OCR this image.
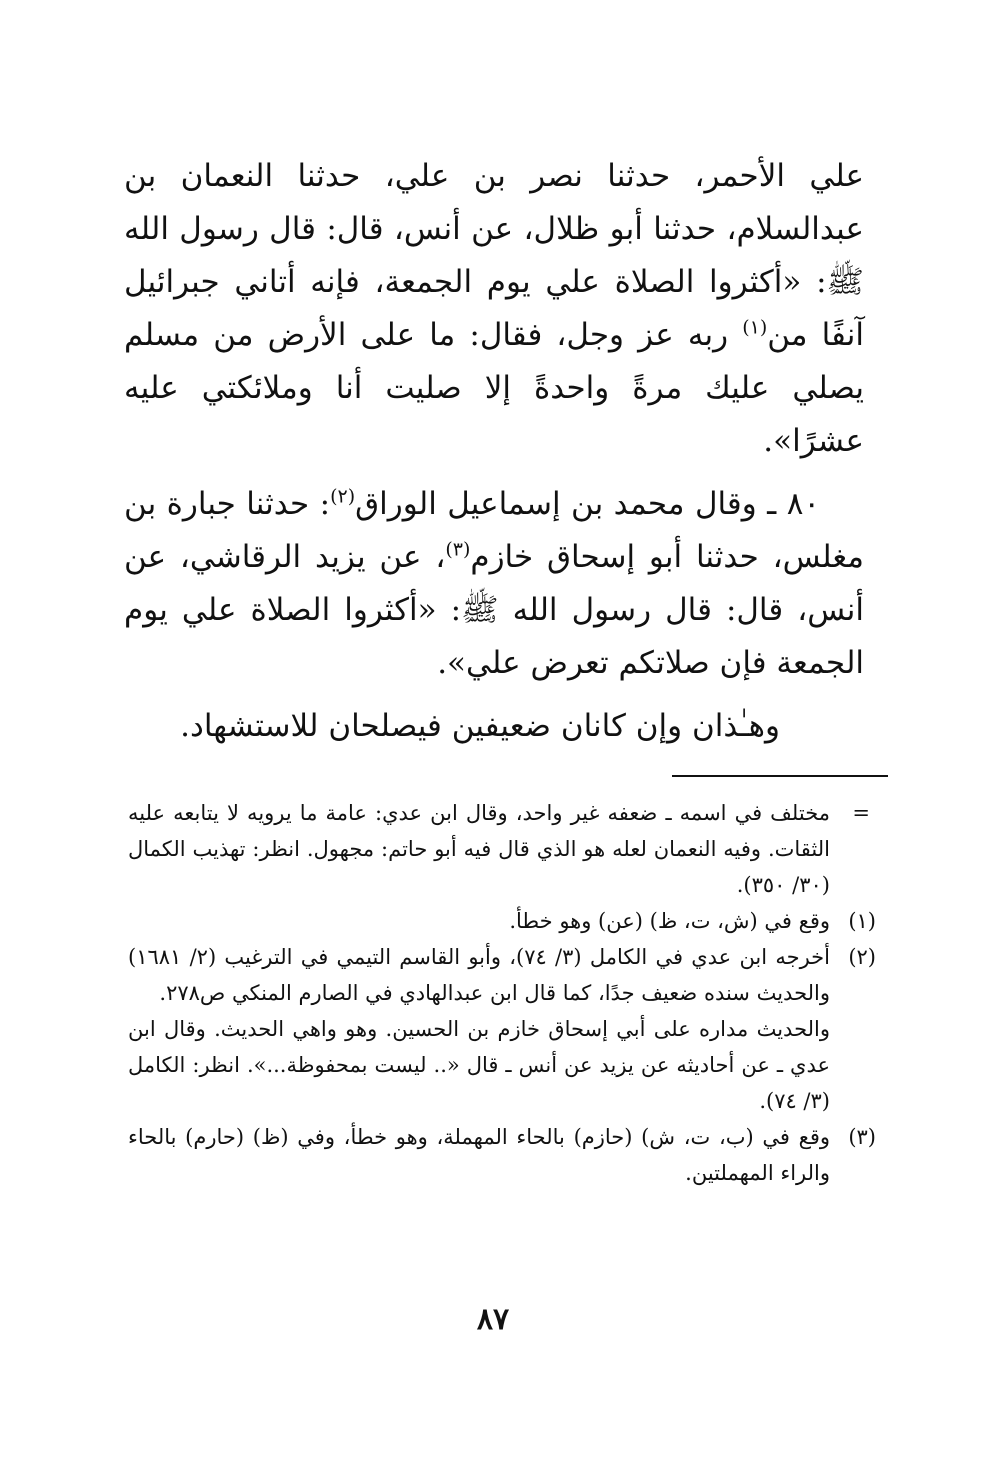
علي الأحمر، حدثنا نصر بن علي، حدثنا النعمان بن عبدالسلام، حدثنا أبو ظلال، عن أنس، قال: قال رسول الله ﷺ: «أكثروا الصلاة علي يوم الجمعة، فإنه أتاني جبرائيل آنفًا من$^{(١)}$ ربه عز وجل، فقال: ما على الأرض من مسلم يصلي عليك مرةً واحدةً إلا صليت أنا وملائكتي عليه عشرًا».

٨٠ ـ وقال محمد بن إسماعيل الوراق$^{(٢)}$: حدثنا جبارة بن مغلس، حدثنا أبو إسحاق خازم$^{(٣)}$، عن يزيد الرقاشي، عن أنس، قال: قال رسول الله ﷺ: «أكثروا الصلاة علي يوم الجمعة فإن صلاتكم تعرض علي».

وهـٰذان وإن كانان ضعيفين فيصلحان للاستشهاد.

=
مختلف في اسمه ـ ضعفه غير واحد، وقال ابن عدي: عامة ما يرويه لا يتابعه عليه الثقات. وفيه النعمان لعله هو الذي قال فيه أبو حاتم: مجهول. انظر: تهذيب الكمال (٣٠/ ٣٥٠).
(١)
وقع في (ش، ت، ظ) (عن) وهو خطأ.
(٢)
أخرجه ابن عدي في الكامل (٣/ ٧٤)، وأبو القاسم التيمي في الترغيب (٢/ ١٦٨١) والحديث سنده ضعيف جدًا، كما قال ابن عبدالهادي في الصارم المنكي ص٢٧٨.
والحديث مداره على أبي إسحاق خازم بن الحسين. وهو واهي الحديث. وقال ابن عدي ـ عن أحاديثه عن يزيد عن أنس ـ قال «.. ليست بمحفوظة...». انظر: الكامل (٣/ ٧٤).
(٣)
وقع في (ب، ت، ش) (حازم) بالحاء المهملة، وهو خطأ، وفي (ظ) (حارم) بالحاء والراء المهملتين.
٨٧
